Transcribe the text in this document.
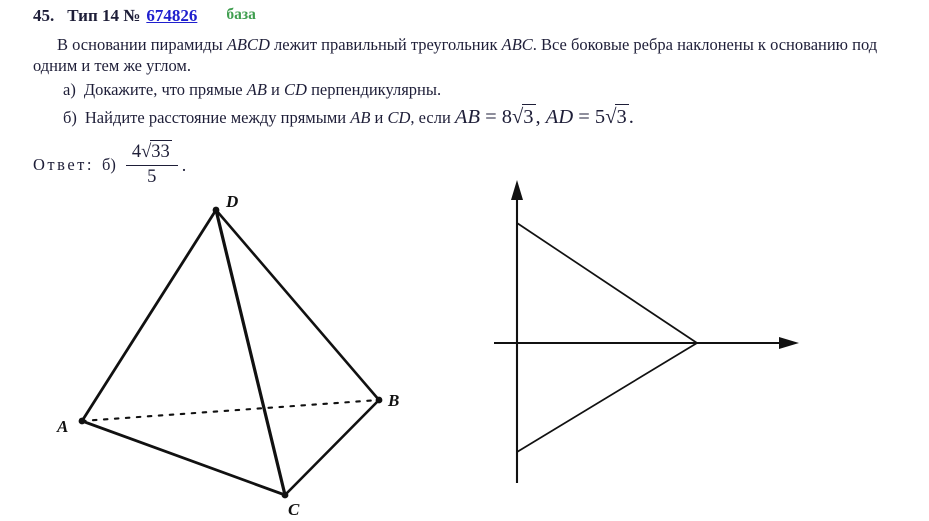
45. Тип 14 № 674826 база
В основании пирамиды ABCD лежит правильный треугольник ABC. Все боковые ребра наклонены к основанию под одним и тем же углом.
а) Докажите, что прямые AB и CD перпендикулярны.
б) Найдите расстояние между прямыми AB и CD, если AB = 8√3, AD = 5√3.
Ответ: $б) \frac{4√33}{5}$ .
D
A
B
C
